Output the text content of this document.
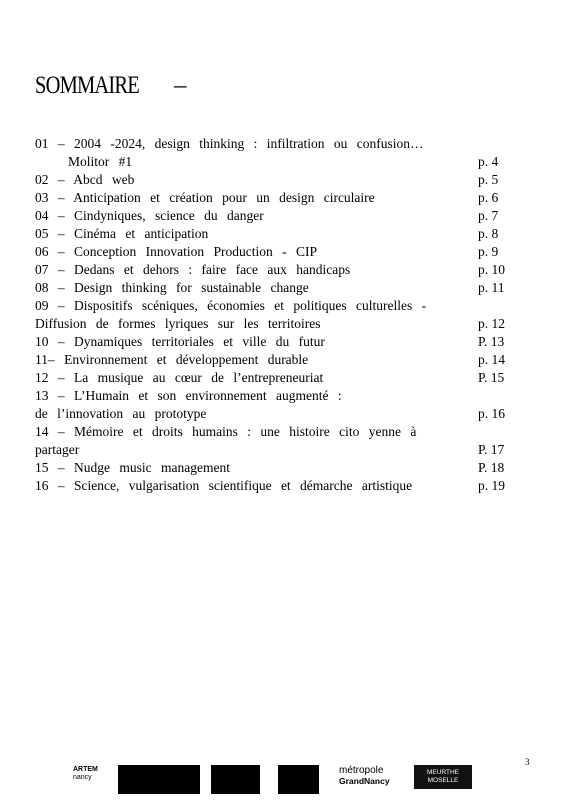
SOMMAIRE –
01 – 2004 -2024, design thinking : infiltration ou confusion…
Molitor #1	p. 4
02 – Abcd web	p. 5
03 – Anticipation et création pour un design circulaire	p. 6
04 – Cindyniques, science du danger	p. 7
05 – Cinéma et anticipation	p. 8
06 – Conception Innovation Production - CIP	p. 9
07 – Dedans et dehors : faire face aux handicaps	p. 10
08 – Design thinking for sustainable change	p. 11
09 – Dispositifs scéniques, économies et politiques culturelles -
Diffusion de formes lyriques sur les territoires	p. 12
10 – Dynamiques territoriales et ville du futur	P. 13
11– Environnement et développement durable	p. 14
12 – La musique au cœur de l’entrepreneuriat	P. 15
13 – L’Humain et son environnement augmenté :
de l’innovation au prototype	p. 16
14 – Mémoire et droits humains : une histoire cito yenne à
partager	P. 17
15 – Nudge music management	P. 18
16 – Science, vulgarisation scientifique et démarche artistique	p. 19
ARTEM
nancy
métropole
GrandNancy
MEURTHE
MOSELLE
3
